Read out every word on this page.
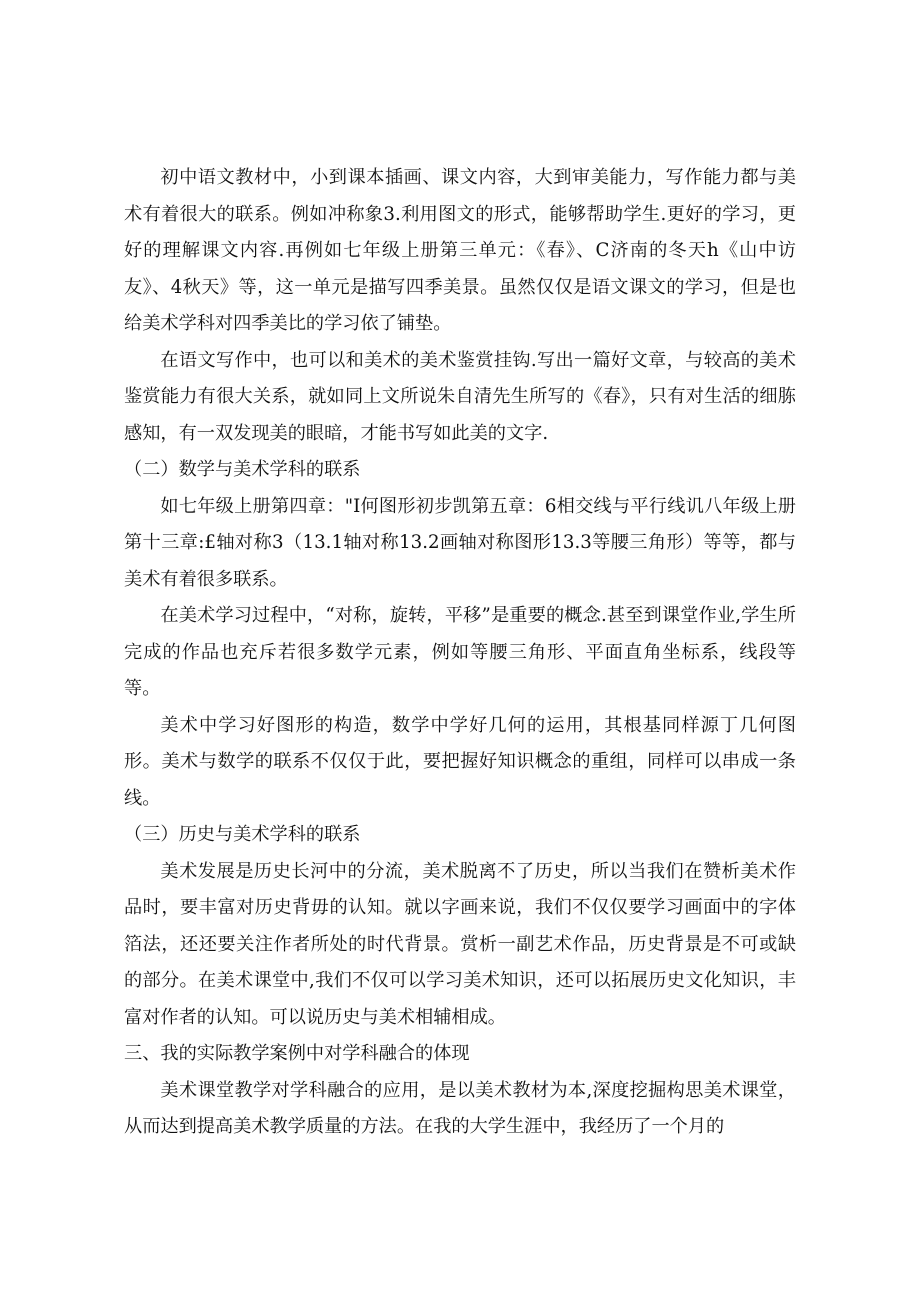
初中语文教材中，小到课本插画、课文内容，大到审美能力，写作能力都与美术有着很大的联系。例如冲称象3.利用图文的形式，能够帮助学生.更好的学习，更好的理解课文内容.再例如七年级上册第三单元：《春》、C济南的冬天h《山中访友》、4秋天》等，这一单元是描写四季美景。虽然仅仅是语文课文的学习，但是也给美术学科对四季美比的学习依了铺垫。

在语文写作中，也可以和美术的美术鉴赏挂钩.写出一篇好文章，与较高的美术鉴赏能力有很大关系，就如同上文所说朱自清先生所写的《春》，只有对生活的细胨感知，有一双发现美的眼暗，才能书写如此美的文字.

（二）数学与美术学科的联系

如七年级上册第四章："I何图形初步凯第五章：6相交线与平行线讥八年级上册第十三章:£轴对称3（13.1轴对称13.2画轴对称图形13.3等腰三角形）等等，都与美术有着很多联系。

在美术学习过程中，“对称，旋转，平移”是重要的概念.甚至到课堂作业,学生所完成的作品也充斥若很多数学元素，例如等腰三角形、平面直角坐标系，线段等等。

美术中学习好图形的构造，数学中学好几何的运用，其根基同样源丁几何图形。美术与数学的联系不仅仅于此，要把握好知识概念的重组，同样可以串成一条线。

（三）历史与美术学科的联系

美术发展是历史长河中的分流，美术脱离不了历史，所以当我们在赞析美术作品时，要丰富对历史背毋的认知。就以字画来说，我们不仅仅要学习画面中的字体箔法，还还要关注作者所处的时代背景。赏析一副艺术作品，历史背景是不可或缺的部分。在美术课堂中,我们不仅可以学习美术知识，还可以拓展历史文化知识，丰富对作者的认知。可以说历史与美术相辅相成。

三、我的实际教学案例中对学科融合的体现

美术课堂教学对学科融合的应用，是以美术教材为本,深度挖掘构思美术课堂，从而达到提高美术教学质量的方法。在我的大学生涯中，我经历了一个月的
